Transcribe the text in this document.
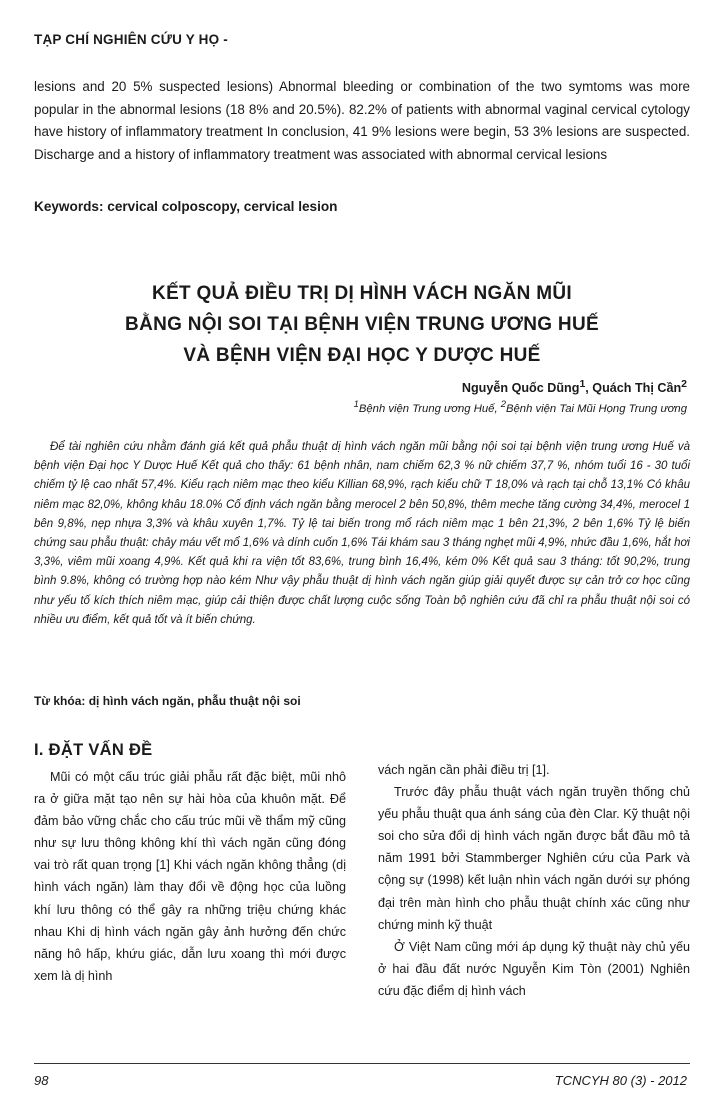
TẠP CHÍ NGHIÊN CỨU Y HỌ -

lesions and 20 5% suspected lesions) Abnormal bleeding or combination of the two symtoms was more popular in the abnormal lesions (18 8% and 20.5%). 82.2% of patients with abnormal vaginal cervical cytology have history of inflammatory treatment In conclusion, 41 9% lesions were begin, 53 3% lesions are suspected. Discharge and a history of inflammatory treatment was associated with abnormal cervical lesions

Keywords: cervical colposcopy, cervical lesion
KẾT QUẢ ĐIỀU TRỊ DỊ HÌNH VÁCH NGĂN MŨI
BẰNG NỘI SOI TẠI BỆNH VIỆN TRUNG ƯƠNG HUẾ
VÀ BỆNH VIỆN ĐẠI HỌC Y DƯỢC HUẾ
Nguyễn Quốc Dũng$^1$, Quách Thị Cần$^2$
$^1$Bệnh viện Trung ương Huế, $^2$Bệnh viện Tai Mũi Họng Trung ương

Để tài nghiên cứu nhằm đánh giá kết quả phẫu thuật dị hình vách ngăn mũi bằng nội soi tại bệnh viện trung ương Huế và bệnh viện Đại học Y Dược Huế Kết quả cho thấy: 61 bệnh nhân, nam chiếm 62,3 % nữ chiếm 37,7 %, nhóm tuổi 16 - 30 tuổi chiếm tỷ lệ cao nhất 57,4%. Kiểu rạch niêm mạc theo kiểu Killian 68,9%, rạch kiểu chữ T 18,0% và rạch tại chỗ 13,1% Có khâu niêm mạc 82,0%, không khâu 18.0% Cố định vách ngăn bằng merocel 2 bên 50,8%, thêm meche tăng cường 34,4%, merocel 1 bên 9,8%, nẹp nhựa 3,3% và khâu xuyên 1,7%. Tỷ lệ tai biến trong mổ rách niêm mạc 1 bên 21,3%, 2 bên 1,6% Tỷ lệ biến chứng sau phẫu thuật: chảy máu vết mổ 1,6% và dính cuốn 1,6% Tái khám sau 3 tháng nghẹt mũi 4,9%, nhức đầu 1,6%, hắt hơi 3,3%, viêm mũi xoang 4,9%. Kết quả khi ra viện tốt 83,6%, trung bình 16,4%, kém 0% Kết quả sau 3 tháng: tốt 90,2%, trung bình 9.8%, không có trường hợp nào kém Như vậy phẫu thuật dị hình vách ngăn giúp giải quyết được sự cản trở cơ học cũng như yếu tố kích thích niêm mạc, giúp cải thiện được chất lượng cuộc sống Toàn bộ nghiên cứu đã chỉ ra phẫu thuật nội soi có nhiều ưu điểm, kết quả tốt và ít biến chứng.

Từ khóa: dị hình vách ngăn, phẫu thuật nội soi
I. ĐẶT VẤN ĐỀ

Mũi có một cấu trúc giải phẫu rất đặc biệt, mũi nhô ra ở giữa mặt tạo nên sự hài hòa của khuôn mặt. Để đảm bảo vững chắc cho cấu trúc mũi về thẩm mỹ cũng như sự lưu thông không khí thì vách ngăn cũng đóng vai trò rất quan trọng [1] Khi vách ngăn không thẳng (dị hình vách ngăn) làm thay đổi về động học của luồng khí lưu thông có thể gây ra những triệu chứng khác nhau Khi dị hình vách ngăn gây ảnh hưởng đến chức năng hô hấp, khứu giác, dẫn lưu xoang thì mới được xem là dị hình

vách ngăn cần phải điều trị [1].

Trước đây phẫu thuật vách ngăn truyền thống chủ yếu phẫu thuật qua ánh sáng của đèn Clar. Kỹ thuật nội soi cho sửa đổi dị hình vách ngăn được bắt đầu mô tả năm 1991 bởi Stammberger Nghiên cứu của Park và cộng sự (1998) kết luận nhìn vách ngăn dưới sự phóng đại trên màn hình cho phẫu thuật chính xác cũng như chứng minh kỹ thuật

Ở Việt Nam cũng mới áp dụng kỹ thuật này chủ yếu ở hai đầu đất nước Nguyễn Kim Tòn (2001) Nghiên cứu đặc điểm dị hình vách

98	TCNCYH 80 (3) - 2012
